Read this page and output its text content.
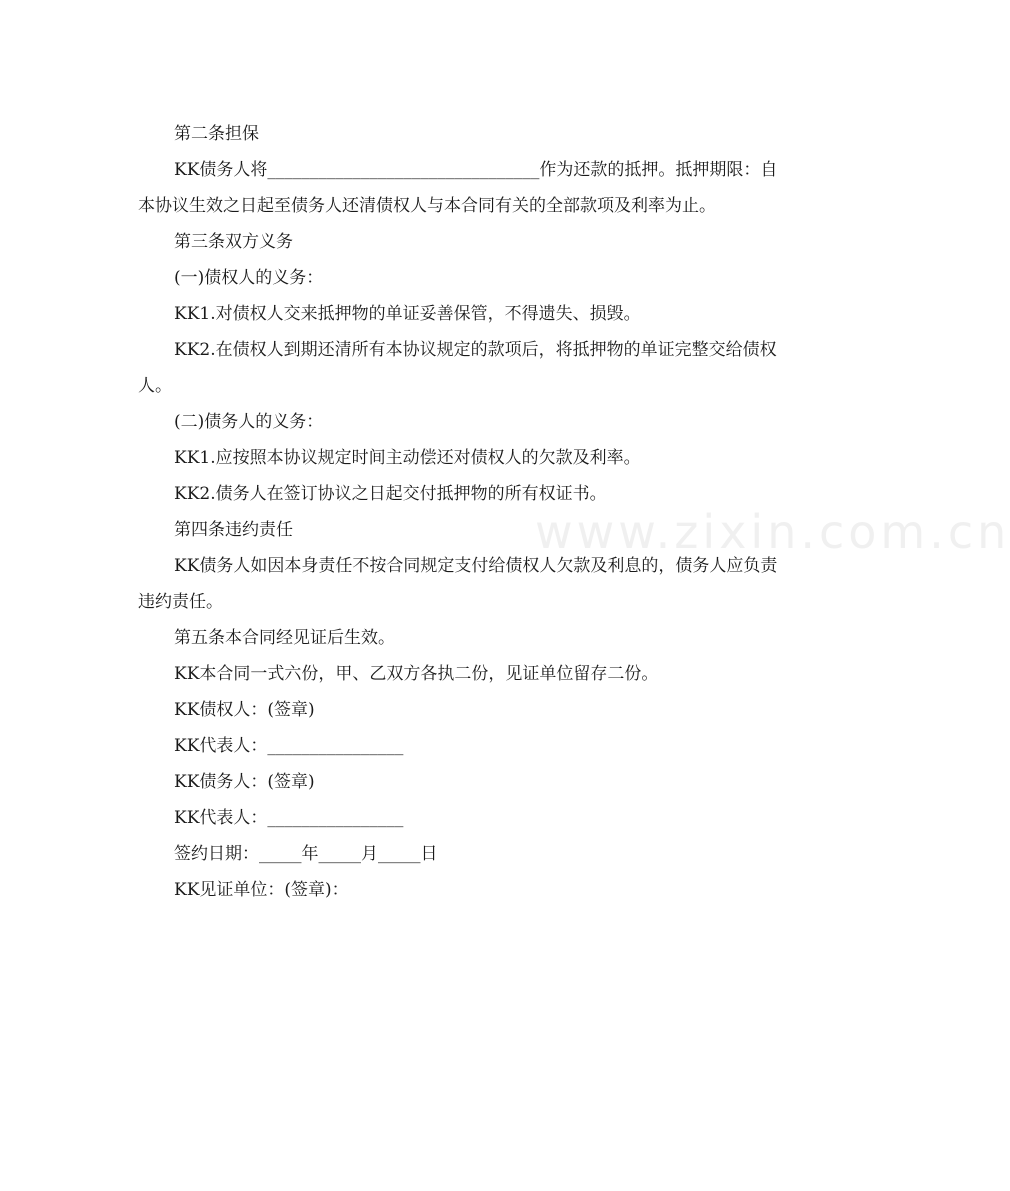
第二条担保

KK债务人将________________________________作为还款的抵押。抵押期限：自本协议生效之日起至债务人还清债权人与本合同有关的全部款项及利率为止。

第三条双方义务

(一)债权人的义务：

KK1.对债权人交来抵押物的单证妥善保管，不得遗失、损毁。

KK2.在债权人到期还清所有本协议规定的款项后，将抵押物的单证完整交给债权人。

(二)债务人的义务：

KK1.应按照本协议规定时间主动偿还对债权人的欠款及利率。

KK2.债务人在签订协议之日起交付抵押物的所有权证书。

第四条违约责任

KK债务人如因本身责任不按合同规定支付给债权人欠款及利息的，债务人应负责违约责任。

第五条本合同经见证后生效。

KK本合同一式六份，甲、乙双方各执二份，见证单位留存二份。

KK债权人：(签章)

KK代表人：________________

KK债务人：(签章)

KK代表人：________________

签约日期：_____年_____月_____日

KK见证单位：(签章)：

www.zixin.com.cn
